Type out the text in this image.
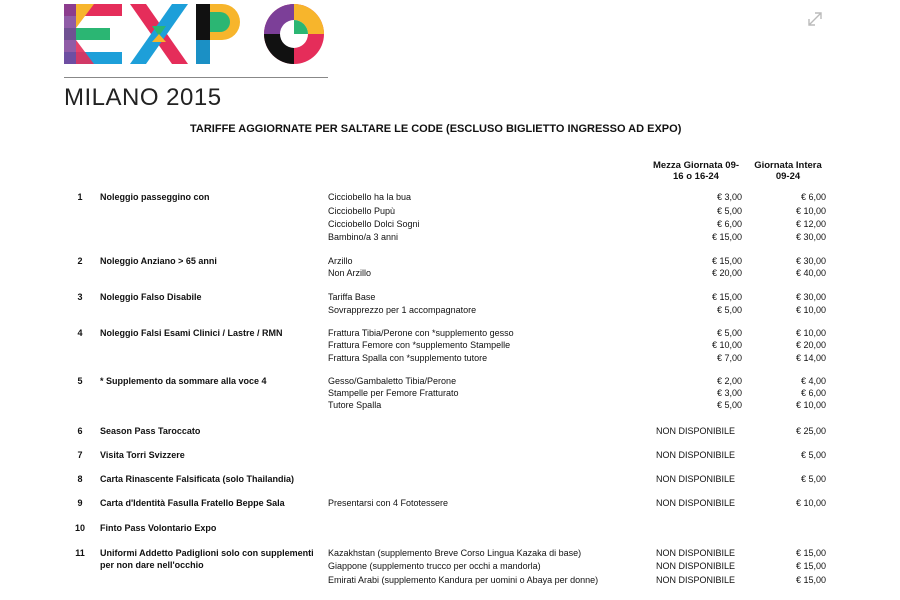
MILANO 2015
TARIFFE AGGIORNATE PER SALTARE LE CODE (ESCLUSO BIGLIETTO INGRESSO AD EXPO)
Mezza Giornata 09-
16 o 16-24
Giornata Intera
09-24
1	Noleggio passeggino con	Cicciobello ha la bua	€ 3,00	€ 6,00
Cicciobello Pupù	€ 5,00	€ 10,00
Cicciobello Dolci Sogni	€ 6,00	€ 12,00
Bambino/a 3 anni	€ 15,00	€ 30,00
2	Noleggio Anziano > 65 anni	Arzillo	€ 15,00	€ 30,00
Non Arzillo	€ 20,00	€ 40,00
3	Noleggio Falso Disabile	Tariffa Base	€ 15,00	€ 30,00
Sovrapprezzo per 1 accompagnatore	€ 5,00	€ 10,00
4	Noleggio Falsi Esami Clinici / Lastre / RMN	Frattura Tibia/Perone con *supplemento gesso	€ 5,00	€ 10,00
Frattura Femore con *supplemento Stampelle	€ 10,00	€ 20,00
Frattura Spalla con *supplemento tutore	€ 7,00	€ 14,00
5	* Supplemento da sommare alla voce 4	Gesso/Gambaletto Tibia/Perone	€ 2,00	€ 4,00
Stampelle per Femore Fratturato	€ 3,00	€ 6,00
Tutore Spalla	€ 5,00	€ 10,00
6	Season Pass Taroccato	NON DISPONIBILE	€ 25,00
7	Visita Torri Svizzere	NON DISPONIBILE	€ 5,00
8	Carta Rinascente Falsificata (solo Thailandia)	NON DISPONIBILE	€ 5,00
9	Carta d'Identità Fasulla Fratello Beppe Sala	Presentarsi con 4 Fototessere	NON DISPONIBILE	€ 10,00
10 Finto Pass Volontario Expo
11 Uniformi Addetto Padiglioni solo con supplementi
per non dare nell'occhio
Kazakhstan (supplemento Breve Corso Lingua Kazaka di base)	NON DISPONIBILE	€ 15,00
Giappone (supplemento trucco per occhi a mandorla)	NON DISPONIBILE	€ 15,00
Emirati Arabi (supplemento Kandura per uomini o Abaya per donne)	NON DISPONIBILE	€ 15,00
